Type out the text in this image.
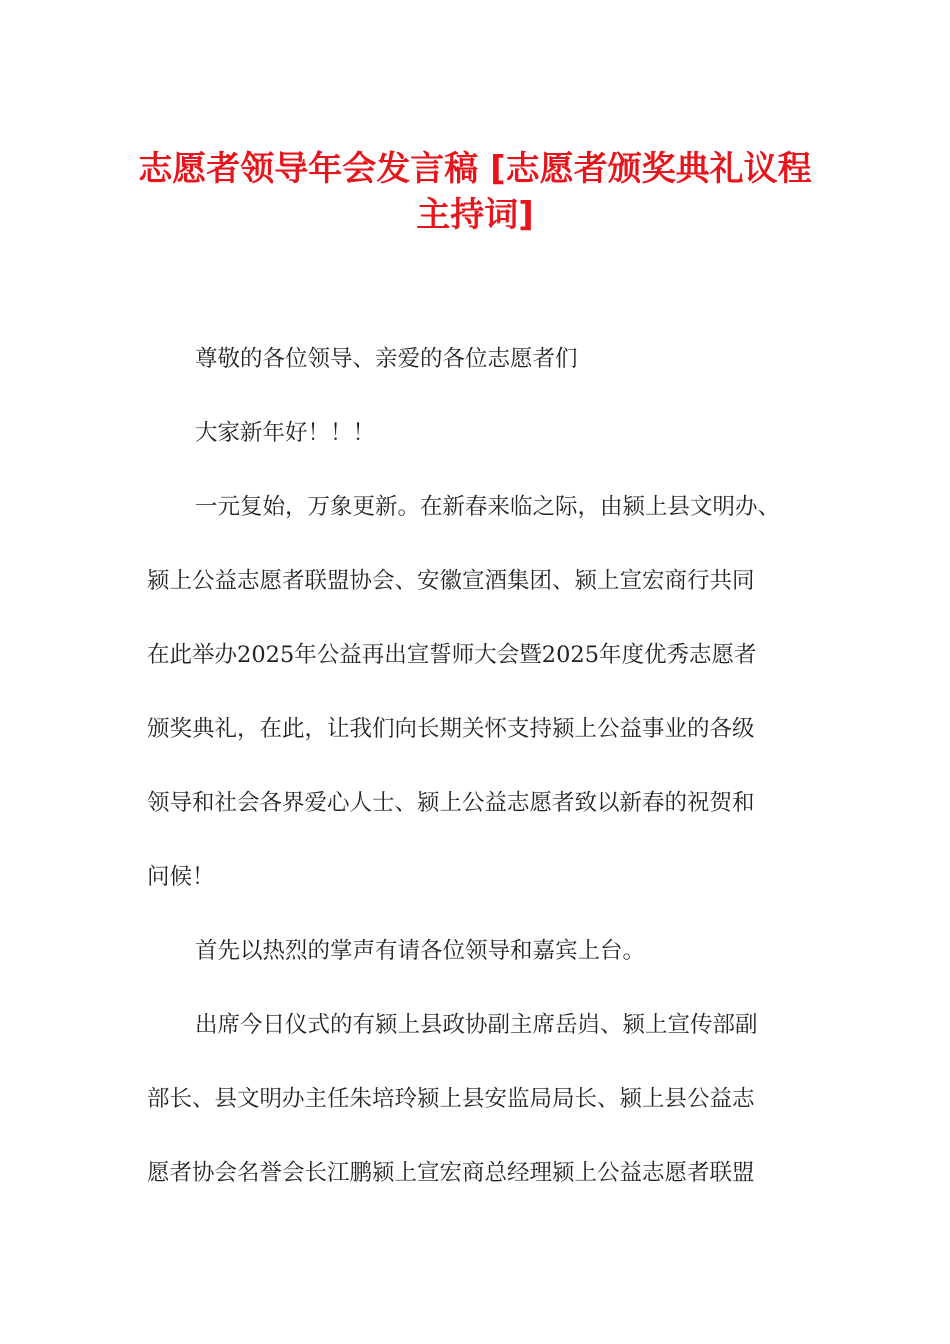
志愿者领导年会发言稿 [志愿者颁奖典礼议程
主持词]
尊敬的各位领导、亲爱的各位志愿者们
大家新年好！！！
一元复始，万象更新。在新春来临之际，由颍上县文明办、
颍上公益志愿者联盟协会、安徽宣酒集团、颍上宣宏商行共同
在此举办2025年公益再出宣誓师大会暨2025年度优秀志愿者
颁奖典礼，在此，让我们向长期关怀支持颍上公益事业的各级
领导和社会各界爱心人士、颍上公益志愿者致以新春的祝贺和
问候！
首先以热烈的掌声有请各位领导和嘉宾上台。
出席今日仪式的有颍上县政协副主席岳岿、颍上宣传部副
部长、县文明办主任朱培玲颍上县安监局局长、颍上县公益志
愿者协会名誉会长江鹏颍上宣宏商总经理颍上公益志愿者联盟
